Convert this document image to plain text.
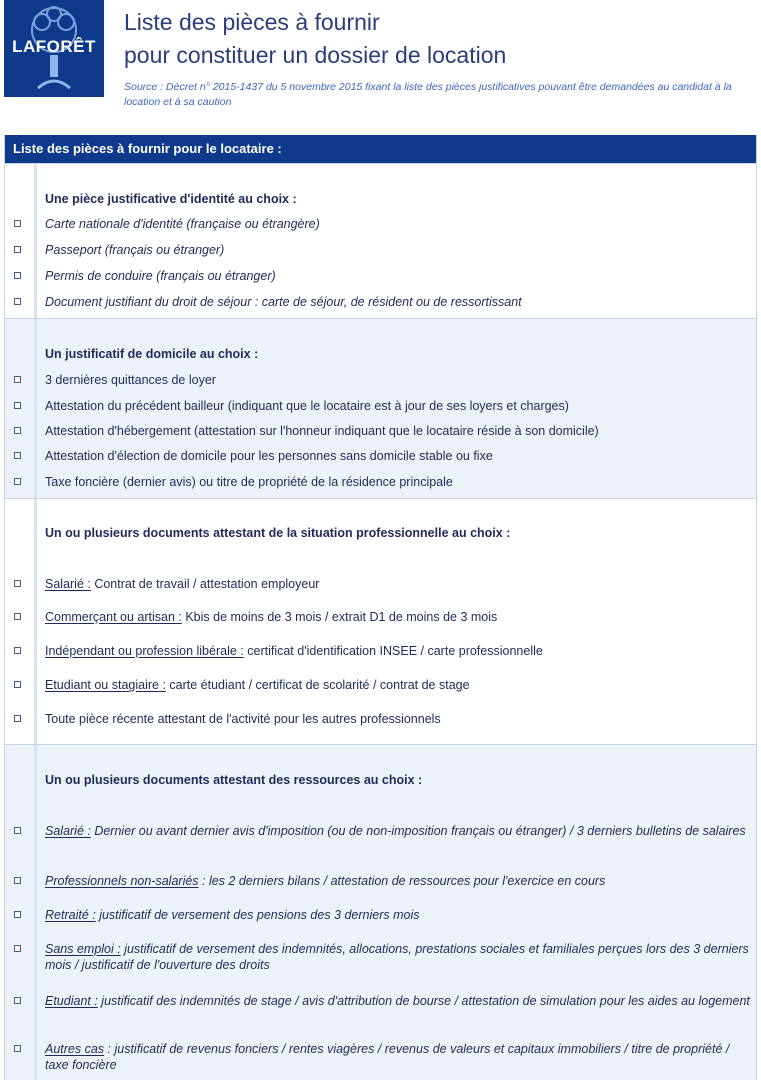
LAFORÊT
Liste des pièces à fournir
pour constituer un dossier de location
Source : Décret n° 2015-1437 du 5 novembre 2015 fixant la liste des pièces justificatives pouvant être demandées au candidat à la location et à sa caution
Liste des pièces à fournir pour le locataire :
Une pièce justificative d'identité au choix :
Carte nationale d'identité (française ou étrangère)
Passeport (français ou étranger)
Permis de conduire (français ou étranger)
Document justifiant du droit de séjour : carte de séjour, de résident ou de ressortissant
Un justificatif de domicile au choix :
3 dernières quittances de loyer
Attestation du précédent bailleur (indiquant que le locataire est à jour de ses loyers et charges)
Attestation d'hébergement (attestation sur l'honneur indiquant que le locataire réside à son domicile)
Attestation d'élection de domicile pour les personnes sans domicile stable ou fixe
Taxe foncière (dernier avis) ou titre de propriété de la résidence principale
Un ou plusieurs documents attestant de la situation professionnelle au choix :
Salarié : Contrat de travail / attestation employeur
Commerçant ou artisan : Kbis de moins de 3 mois / extrait D1 de moins de 3 mois
Indépendant ou profession libérale : certificat d'identification INSEE / carte professionnelle
Etudiant ou stagiaire : carte étudiant / certificat de scolarité / contrat de stage
Toute pièce récente attestant de l'activité pour les autres professionnels
Un ou plusieurs documents attestant des ressources au choix :
Salarié : Dernier ou avant dernier avis d'imposition (ou de non-imposition français ou étranger) / 3 derniers bulletins de salaires
Professionnels non-salariés : les 2 derniers bilans / attestation de ressources pour l'exercice en cours
Retraité : justificatif de versement des pensions des 3 derniers mois
Sans emploi : justificatif de versement des indemnités, allocations, prestations sociales et familiales perçues lors des 3 derniers mois / justificatif de l'ouverture des droits
Etudiant : justificatif des indemnités de stage / avis d'attribution de bourse / attestation de simulation pour les aides au logement
Autres cas : justificatif de revenus fonciers / rentes viagères / revenus de valeurs et capitaux immobiliers / titre de propriété / taxe foncière
